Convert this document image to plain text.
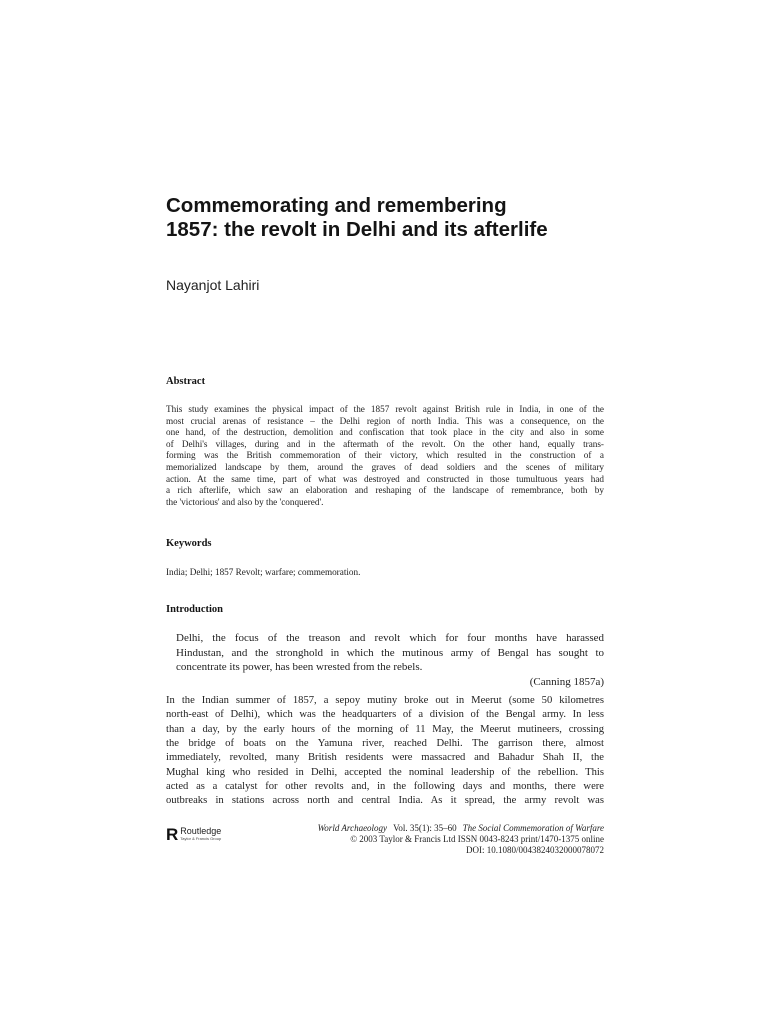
Commemorating and remembering
1857: the revolt in Delhi and its afterlife
Nayanjot Lahiri
Abstract
This study examines the physical impact of the 1857 revolt against British rule in India, in one of the
most crucial arenas of resistance – the Delhi region of north India. This was a consequence, on the
one hand, of the destruction, demolition and confiscation that took place in the city and also in some
of Delhi's villages, during and in the aftermath of the revolt. On the other hand, equally trans-
forming was the British commemoration of their victory, which resulted in the construction of a
memorialized landscape by them, around the graves of dead soldiers and the scenes of military
action. At the same time, part of what was destroyed and constructed in those tumultuous years had
a rich afterlife, which saw an elaboration and reshaping of the landscape of remembrance, both by
the 'victorious' and also by the 'conquered'.
Keywords
India; Delhi; 1857 Revolt; warfare; commemoration.
Introduction
Delhi, the focus of the treason and revolt which for four months have harassed
Hindustan, and the stronghold in which the mutinous army of Bengal has sought to
concentrate its power, has been wrested from the rebels.
(Canning 1857a)
In the Indian summer of 1857, a sepoy mutiny broke out in Meerut (some 50 kilometres
north-east of Delhi), which was the headquarters of a division of the Bengal army. In less
than a day, by the early hours of the morning of 11 May, the Meerut mutineers, crossing
the bridge of boats on the Yamuna river, reached Delhi. The garrison there, almost
immediately, revolted, many British residents were massacred and Bahadur Shah II, the
Mughal king who resided in Delhi, accepted the nominal leadership of the rebellion. This
acted as a catalyst for other revolts and, in the following days and months, there were
outbreaks in stations across north and central India. As it spread, the army revolt was
R Routledge
Taylor & Francis Group
World Archaeology Vol. 35(1): 35–60 The Social Commemoration of Warfare
© 2003 Taylor & Francis Ltd ISSN 0043-8243 print/1470-1375 online
DOI: 10.1080/0043824032000078072
